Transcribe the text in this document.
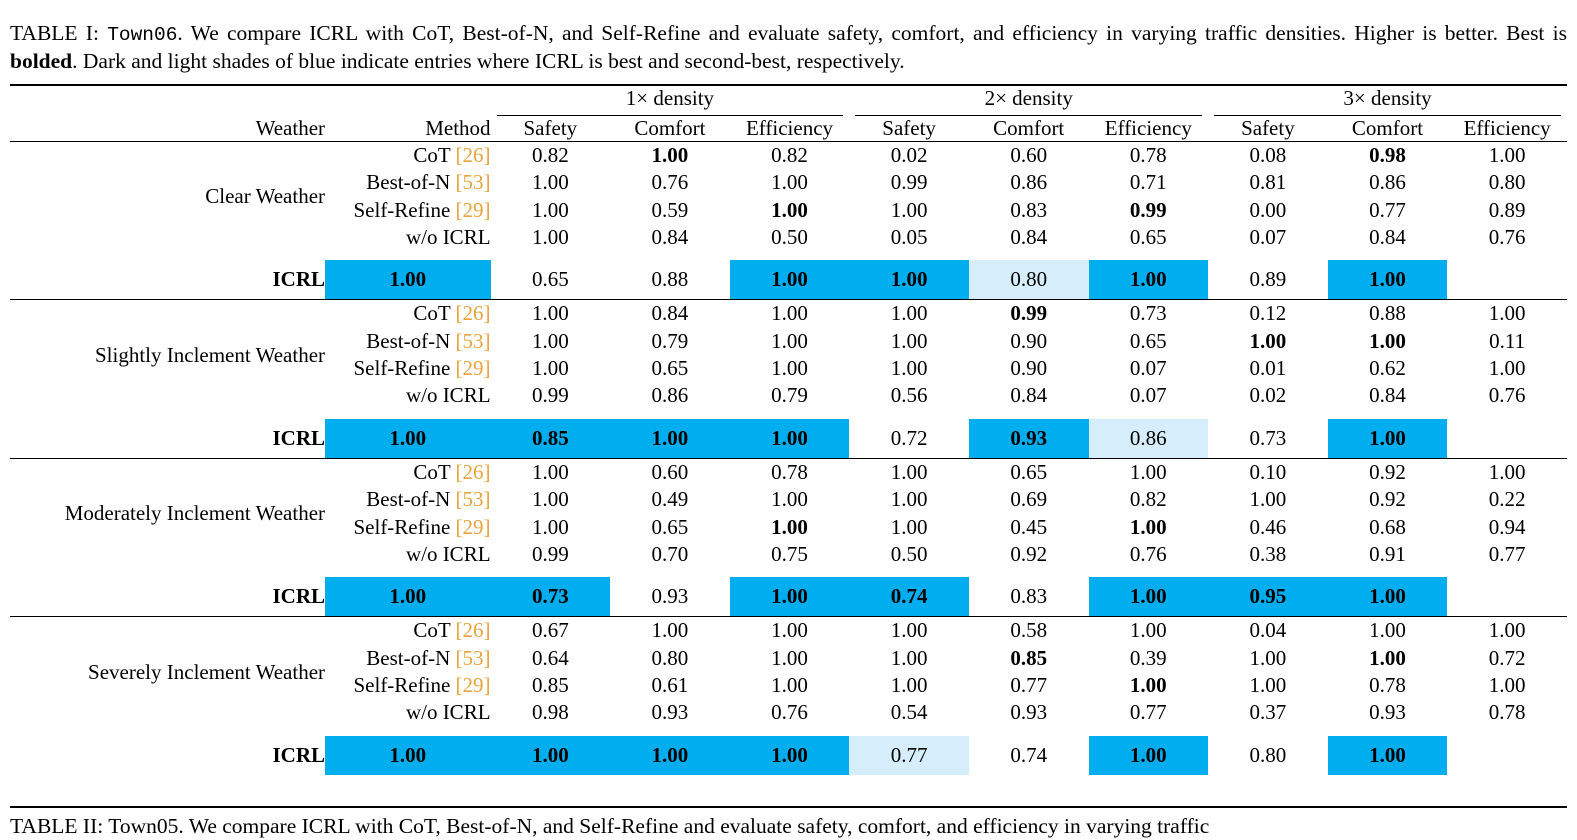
TABLE I: Town06. We compare ICRL with CoT, Best-of-N, and Self-Refine and evaluate safety, comfort, and efficiency in varying traffic densities. Higher is better. Best is bolded. Dark and light shades of blue indicate entries where ICRL is best and second-best, respectively.

		1× density			2× density			3× density		

Weather	Method	Safety	Comfort	Efficiency	Safety	Comfort	Efficiency	Safety	Comfort	Efficiency

Clear Weather	CoT [26]	0.82	1.00	0.82	0.02	0.60	0.78	0.08	0.98	1.00
	Best-of-N [53]	1.00	0.76	1.00	0.99	0.86	0.71	0.81	0.86	0.80
	Self-Refine [29]	1.00	0.59	1.00	1.00	0.83	0.99	0.00	0.77	0.89
	w/o ICRL	1.00	0.84	0.50	0.05	0.84	0.65	0.07	0.84	0.76

ICRL	1.00	0.65	0.88	1.00	1.00	0.80	1.00	0.89	1.00	

Slightly Inclement Weather	CoT [26]	1.00	0.84	1.00	1.00	0.99	0.73	0.12	0.88	1.00
	Best-of-N [53]	1.00	0.79	1.00	1.00	0.90	0.65	1.00	1.00	0.11
	Self-Refine [29]	1.00	0.65	1.00	1.00	0.90	0.07	0.01	0.62	1.00
	w/o ICRL	0.99	0.86	0.79	0.56	0.84	0.07	0.02	0.84	0.76

ICRL	1.00	0.85	1.00	1.00	0.72	0.93	0.86	0.73	1.00	

Moderately Inclement Weather	CoT [26]	1.00	0.60	0.78	1.00	0.65	1.00	0.10	0.92	1.00
	Best-of-N [53]	1.00	0.49	1.00	1.00	0.69	0.82	1.00	0.92	0.22
	Self-Refine [29]	1.00	0.65	1.00	1.00	0.45	1.00	0.46	0.68	0.94
	w/o ICRL	0.99	0.70	0.75	0.50	0.92	0.76	0.38	0.91	0.77

ICRL	1.00	0.73	0.93	1.00	0.74	0.83	1.00	0.95	1.00	

Severely Inclement Weather	CoT [26]	0.67	1.00	1.00	1.00	0.58	1.00	0.04	1.00	1.00
	Best-of-N [53]	0.64	0.80	1.00	1.00	0.85	0.39	1.00	1.00	0.72
	Self-Refine [29]	0.85	0.61	1.00	1.00	0.77	1.00	1.00	0.78	1.00
	w/o ICRL	0.98	0.93	0.76	0.54	0.93	0.77	0.37	0.93	0.78

ICRL	1.00	1.00	1.00	1.00	0.77	0.74	1.00	0.80	1.00	
TABLE II: Town05. We compare ICRL with CoT, Best-of-N, and Self-Refine and evaluate safety, comfort, and efficiency in varying traffic
